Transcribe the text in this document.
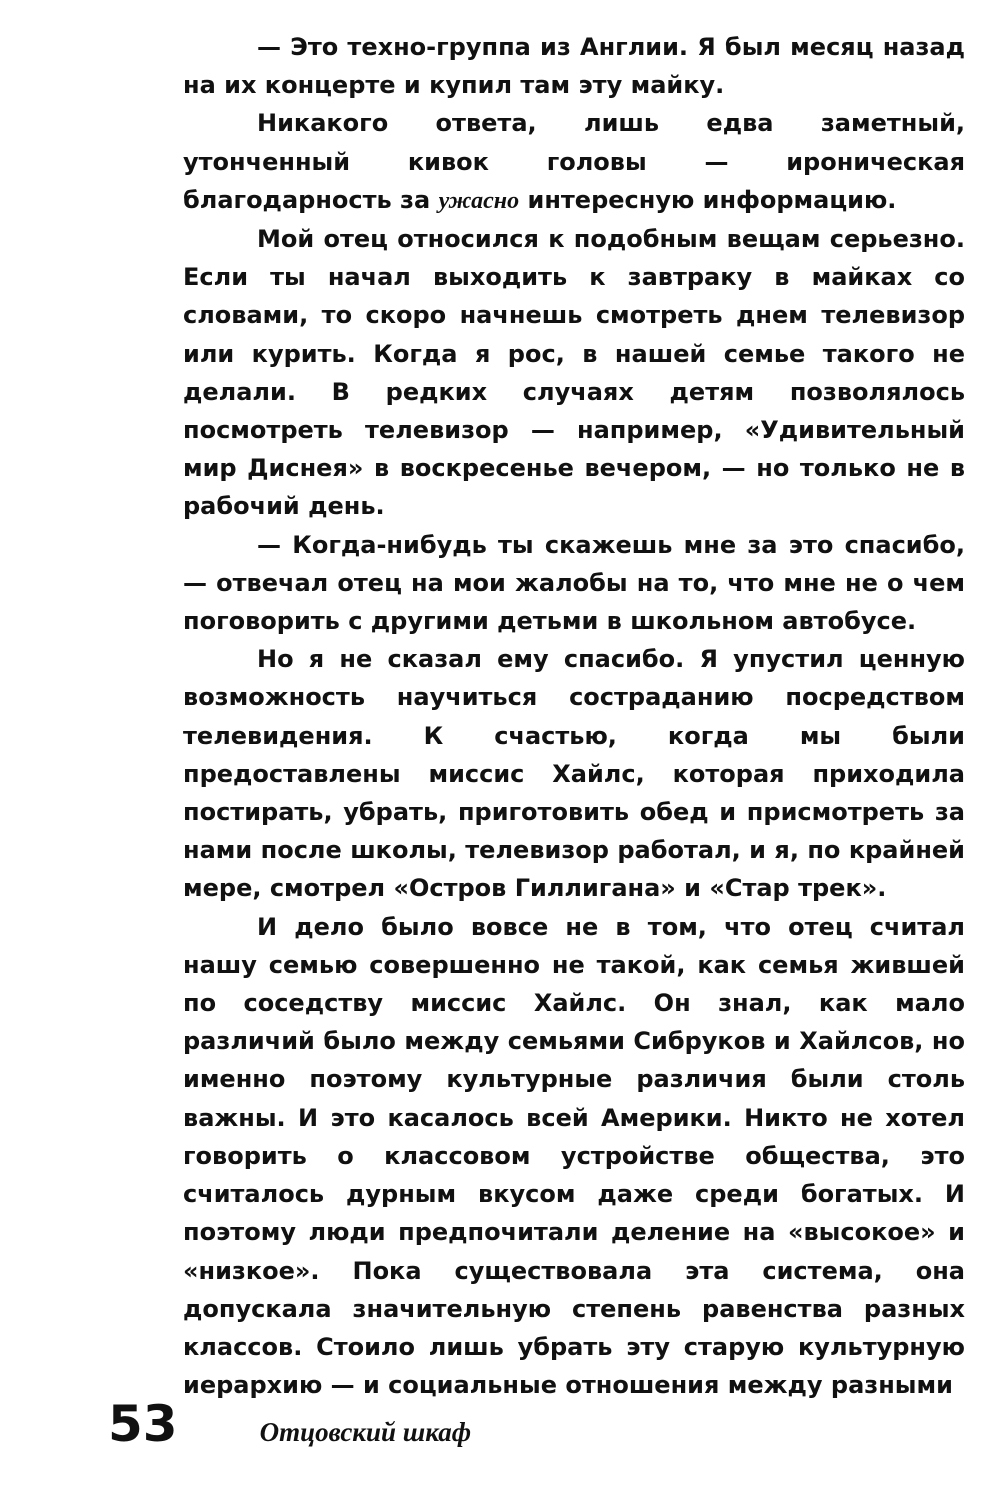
— Это техно-группа из Англии. Я был месяц назад на их концерте и купил там эту майку.

Никакого ответа, лишь едва заметный, утонченный кивок головы — ироническая благодарность за ужасно интересную информацию.

Мой отец относился к подобным вещам серьезно. Если ты начал выходить к завтраку в майках со словами, то скоро начнешь смотреть днем телевизор или курить. Когда я рос, в нашей семье такого не делали. В редких случаях детям позволялось посмотреть телевизор — например, «Удивительный мир Диснея» в воскресенье вечером, — но только не в рабочий день.

— Когда-нибудь ты скажешь мне за это спасибо, — отвечал отец на мои жалобы на то, что мне не о чем поговорить с другими детьми в школьном автобусе.

Но я не сказал ему спасибо. Я упустил ценную возможность научиться состраданию посредством телевидения. К счастью, когда мы были предоставлены миссис Хайлс, которая приходила постирать, убрать, приготовить обед и присмотреть за нами после школы, телевизор работал, и я, по крайней мере, смотрел «Остров Гиллигана» и «Стар трек».

И дело было вовсе не в том, что отец считал нашу семью совершенно не такой, как семья жившей по соседству миссис Хайлс. Он знал, как мало различий было между семьями Сибруков и Хайлсов, но именно поэтому культурные различия были столь важны. И это касалось всей Америки. Никто не хотел говорить о классовом устройстве общества, это считалось дурным вкусом даже среди богатых. И поэтому люди предпочитали деление на «высокое» и «низкое». Пока существовала эта система, она допускала значительную степень равенства разных классов. Стоило лишь убрать эту старую культурную иерархию — и социальные отношения между разными

53	Отцовский шкаф
